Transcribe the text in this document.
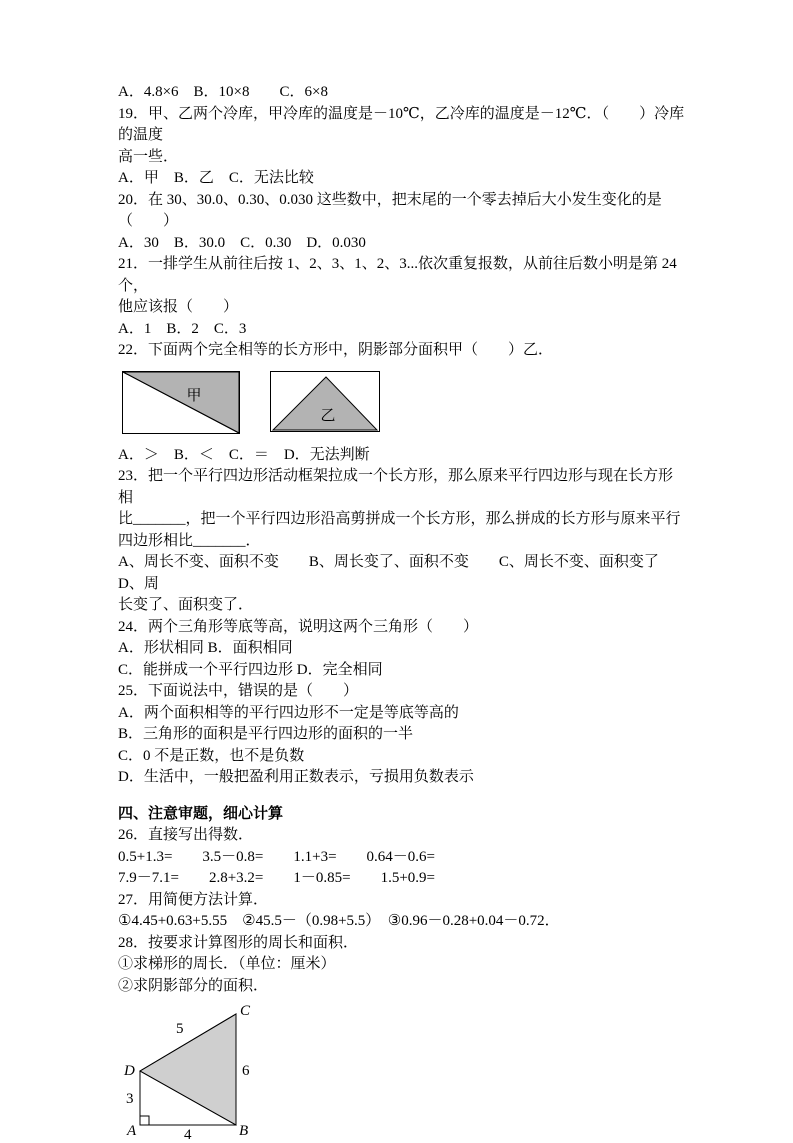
A．4.8×6　B．10×8　　C．6×8
19．甲、乙两个冷库，甲冷库的温度是－10℃，乙冷库的温度是－12℃．（　　）冷库的温度
高一些．
A．甲　B．乙　C．无法比较
20．在 30、30.0、0.30、0.030 这些数中，把末尾的一个零去掉后大小发生变化的是（　　）
A．30　B．30.0　C．0.30　D．0.030
21．一排学生从前往后按 1、2、3、1、2、3...依次重复报数，从前往后数小明是第 24 个，
他应该报（　　）
A．1　B．2　C．3
22．下面两个完全相等的长方形中，阴影部分面积甲（　　）乙．
甲
乙
A．＞　B．＜　C．＝　D．无法判断
23．把一个平行四边形活动框架拉成一个长方形，那么原来平行四边形与现在长方形相
比_______，把一个平行四边形沿高剪拼成一个长方形，那么拼成的长方形与原来平行
四边形相比_______．
A、周长不变、面积不变　　B、周长变了、面积不变　　C、周长不变、面积变了　　D、周
长变了、面积变了．
24．两个三角形等底等高，说明这两个三角形（　　）
A．形状相同 B．面积相同
C．能拼成一个平行四边形 D．完全相同
25．下面说法中，错误的是（　　）
A．两个面积相等的平行四边形不一定是等底等高的
B．三角形的面积是平行四边形的面积的一半
C．0 不是正数，也不是负数
D．生活中，一般把盈利用正数表示，亏损用负数表示
四、注意审题，细心计算
26．直接写出得数．
0.5+1.3=　　3.5－0.8=　　1.1+3=　　0.64－0.6=
7.9－7.1=　　2.8+3.2=　　1－0.85=　　1.5+0.9=
27．用简便方法计算．
①4.45+0.63+5.55　②45.5－（0.98+5.5）　③0.96－0.28+0.04－0.72．
28．按要求计算图形的周长和面积．
①求梯形的周长．（单位：厘米）
②求阴影部分的面积．
C
D
A	B
5
6
3
4
